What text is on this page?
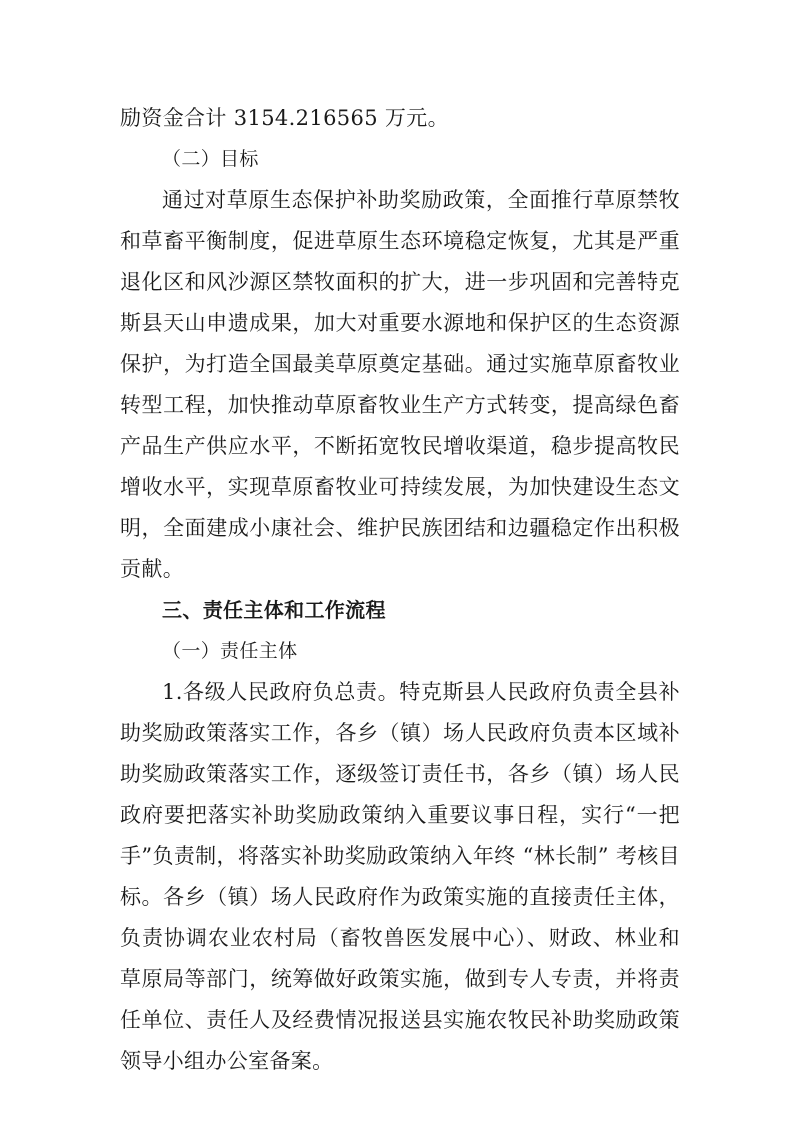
励资金合计 3154.216565 万元。
（二）目标
通过对草原生态保护补助奖励政策，全面推行草原禁牧
和草畜平衡制度，促进草原生态环境稳定恢复，尤其是严重
退化区和风沙源区禁牧面积的扩大，进一步巩固和完善特克
斯县天山申遗成果，加大对重要水源地和保护区的生态资源
保护，为打造全国最美草原奠定基础。通过实施草原畜牧业
转型工程，加快推动草原畜牧业生产方式转变，提高绿色畜
产品生产供应水平，不断拓宽牧民增收渠道，稳步提高牧民
增收水平，实现草原畜牧业可持续发展，为加快建设生态文
明，全面建成小康社会、维护民族团结和边疆稳定作出积极
贡献。
三、责任主体和工作流程
（一）责任主体
1.各级人民政府负总责。特克斯县人民政府负责全县补
助奖励政策落实工作，各乡（镇）场人民政府负责本区域补
助奖励政策落实工作，逐级签订责任书，各乡（镇）场人民
政府要把落实补助奖励政策纳入重要议事日程，实行“一把
手”负责制，将落实补助奖励政策纳入年终 “林长制” 考核目
标。各乡（镇）场人民政府作为政策实施的直接责任主体，
负责协调农业农村局（畜牧兽医发展中心）、财政、林业和
草原局等部门，统筹做好政策实施，做到专人专责，并将责
任单位、责任人及经费情况报送县实施农牧民补助奖励政策
领导小组办公室备案。
